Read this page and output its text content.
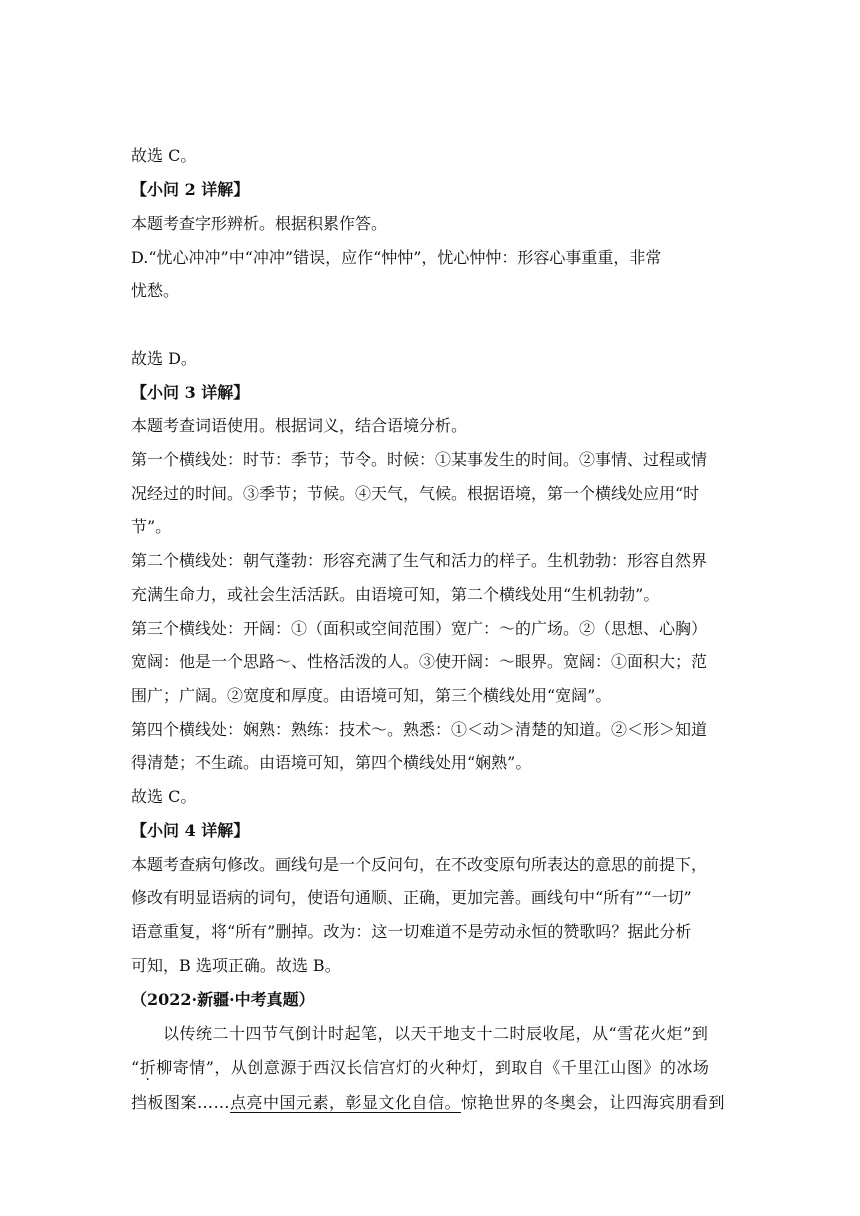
故选 C。
【小问 2 详解】
本题考查字形辨析。根据积累作答。
D.“忧心冲冲”中“冲冲”错误，应作“忡忡”，忧心忡忡：形容心事重重，非常
忧愁。
故选 D。
【小问 3 详解】
本题考查词语使用。根据词义，结合语境分析。
第一个横线处：时节：季节；节令。时候：①某事发生的时间。②事情、过程或情
况经过的时间。③季节；节候。④天气，气候。根据语境，第一个横线处应用“时
节”。
第二个横线处：朝气蓬勃：形容充满了生气和活力的样子。生机勃勃：形容自然界
充满生命力，或社会生活活跃。由语境可知，第二个横线处用“生机勃勃”。
第三个横线处：开阔：①（面积或空间范围）宽广：～的广场。②（思想、心胸）
宽阔：他是一个思路～、性格活泼的人。③使开阔：～眼界。宽阔：①面积大；范
围广；广阔。②宽度和厚度。由语境可知，第三个横线处用“宽阔”。
第四个横线处：娴熟：熟练：技术～。熟悉：①＜动＞清楚的知道。②＜形＞知道
得清楚；不生疏。由语境可知，第四个横线处用“娴熟”。
故选 C。
【小问 4 详解】
本题考查病句修改。画线句是一个反问句，在不改变原句所表达的意思的前提下，
修改有明显语病的词句，使语句通顺、正确，更加完善。画线句中“所有”“一切”
语意重复，将“所有”删掉。改为：这一切难道不是劳动永恒的赞歌吗？据此分析
可知，B 选项正确。故选 B。
（2022·新疆·中考真题）
以传统二十四节气倒计时起笔，以天干地支十二时辰收尾，从“雪花火炬”到
“折柳寄情”，从创意源于西汉长信宫灯的火种灯，到取自《千里江山图》的冰场
挡板图案……点亮中国元素，彰显文化自信。惊艳世界的冬奥会，让四海宾朋看到
